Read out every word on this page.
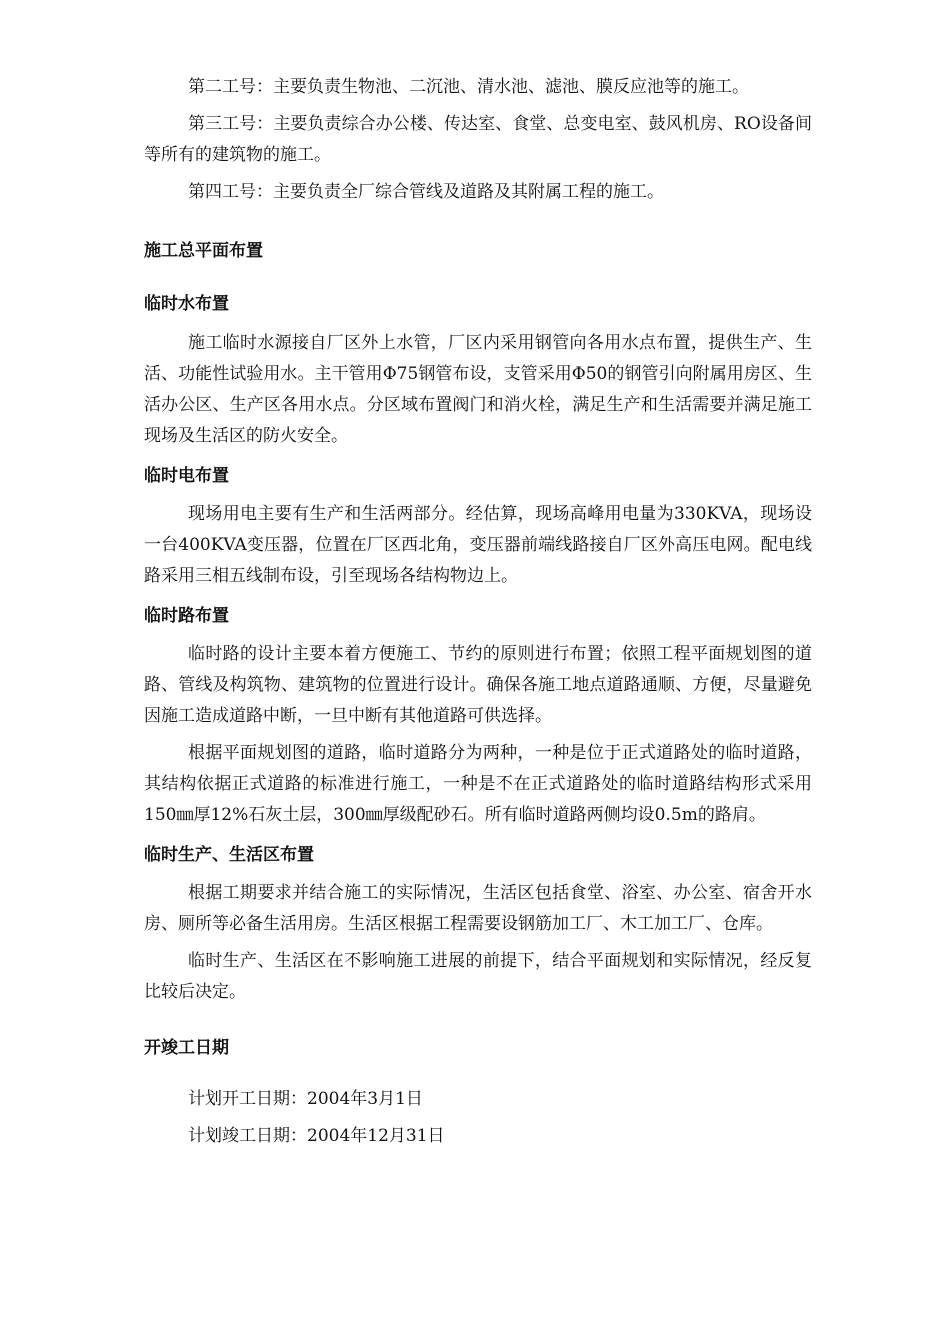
第二工号：主要负责生物池、二沉池、清水池、滤池、膜反应池等的施工。

第三工号：主要负责综合办公楼、传达室、食堂、总变电室、鼓风机房、RO设备间等所有的建筑物的施工。

第四工号：主要负责全厂综合管线及道路及其附属工程的施工。

施工总平面布置
临时水布置

施工临时水源接自厂区外上水管，厂区内采用钢管向各用水点布置，提供生产、生活、功能性试验用水。主干管用Φ75钢管布设，支管采用Φ50的钢管引向附属用房区、生活办公区、生产区各用水点。分区域布置阀门和消火栓，满足生产和生活需要并满足施工现场及生活区的防火安全。

临时电布置

现场用电主要有生产和生活两部分。经估算，现场高峰用电量为330KVA，现场设一台400KVA变压器，位置在厂区西北角，变压器前端线路接自厂区外高压电网。配电线路采用三相五线制布设，引至现场各结构物边上。

临时路布置

临时路的设计主要本着方便施工、节约的原则进行布置；依照工程平面规划图的道路、管线及构筑物、建筑物的位置进行设计。确保各施工地点道路通顺、方便，尽量避免因施工造成道路中断，一旦中断有其他道路可供选择。

根据平面规划图的道路，临时道路分为两种，一种是位于正式道路处的临时道路，其结构依据正式道路的标准进行施工，一种是不在正式道路处的临时道路结构形式采用150㎜厚12%石灰土层，300㎜厚级配砂石。所有临时道路两侧均设0.5m的路肩。

临时生产、生活区布置

根据工期要求并结合施工的实际情况，生活区包括食堂、浴室、办公室、宿舍开水房、厕所等必备生活用房。生活区根据工程需要设钢筋加工厂、木工加工厂、仓库。

临时生产、生活区在不影响施工进展的前提下，结合平面规划和实际情况，经反复比较后决定。

开竣工日期

计划开工日期：2004年3月1日

计划竣工日期：2004年12月31日
